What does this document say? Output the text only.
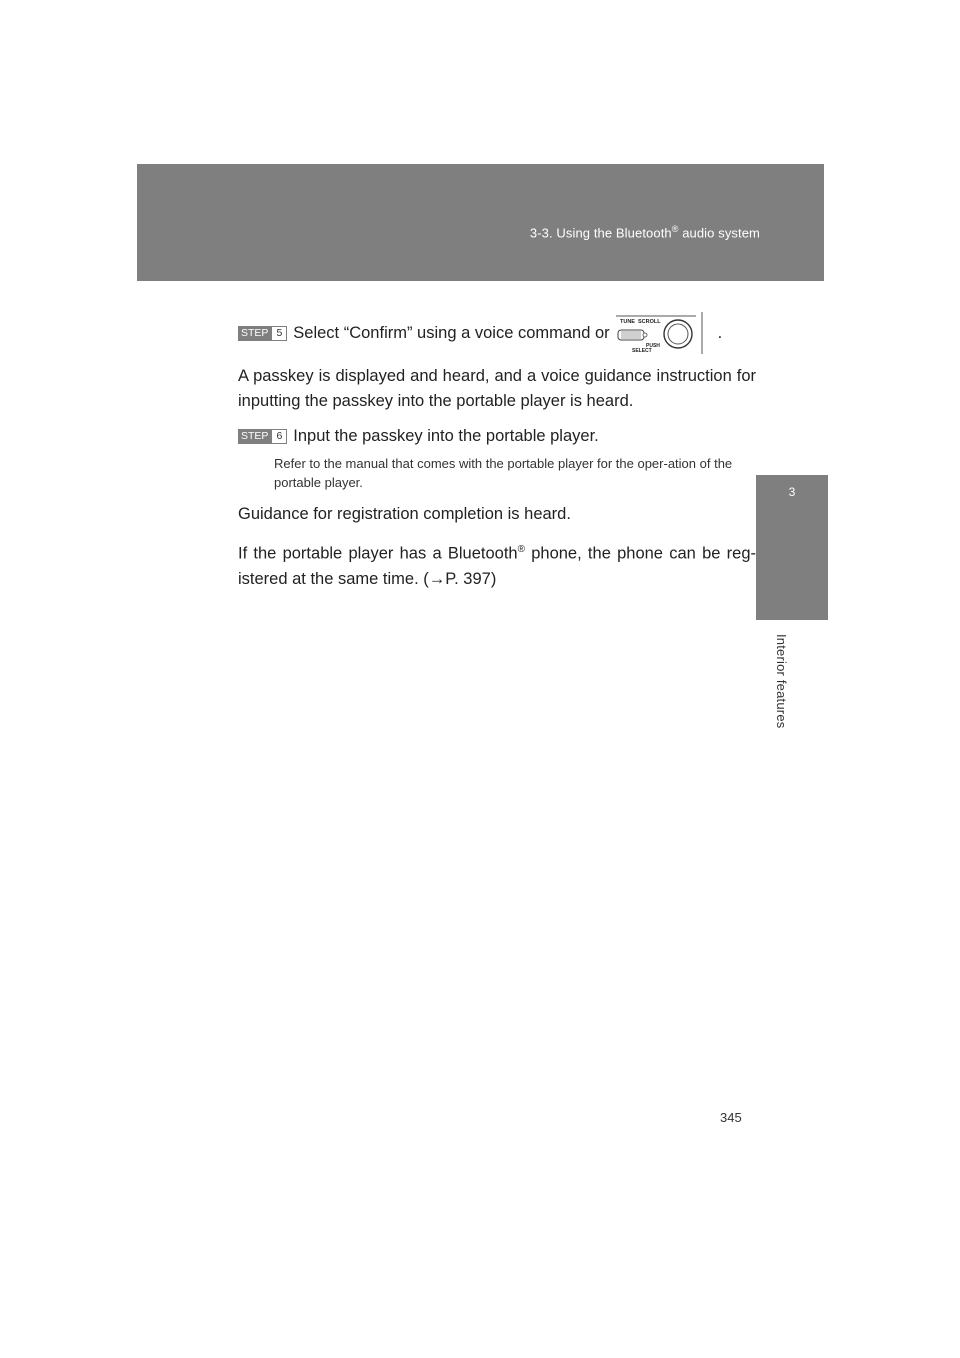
3-3. Using the Bluetooth® audio system
3
Interior features
STEP 5 Select “Confirm” using a voice command or
TUNE SCROLL
PUSH
SELECT
.

A passkey is displayed and heard, and a voice guidance instruction for inputting the passkey into the portable player is heard.

STEP 6 Input the passkey into the portable player.

Refer to the manual that comes with the portable player for the oper-ation of the portable player.

Guidance for registration completion is heard.

If the portable player has a Bluetooth® phone, the phone can be reg-istered at the same time. (→P. 397)

345
